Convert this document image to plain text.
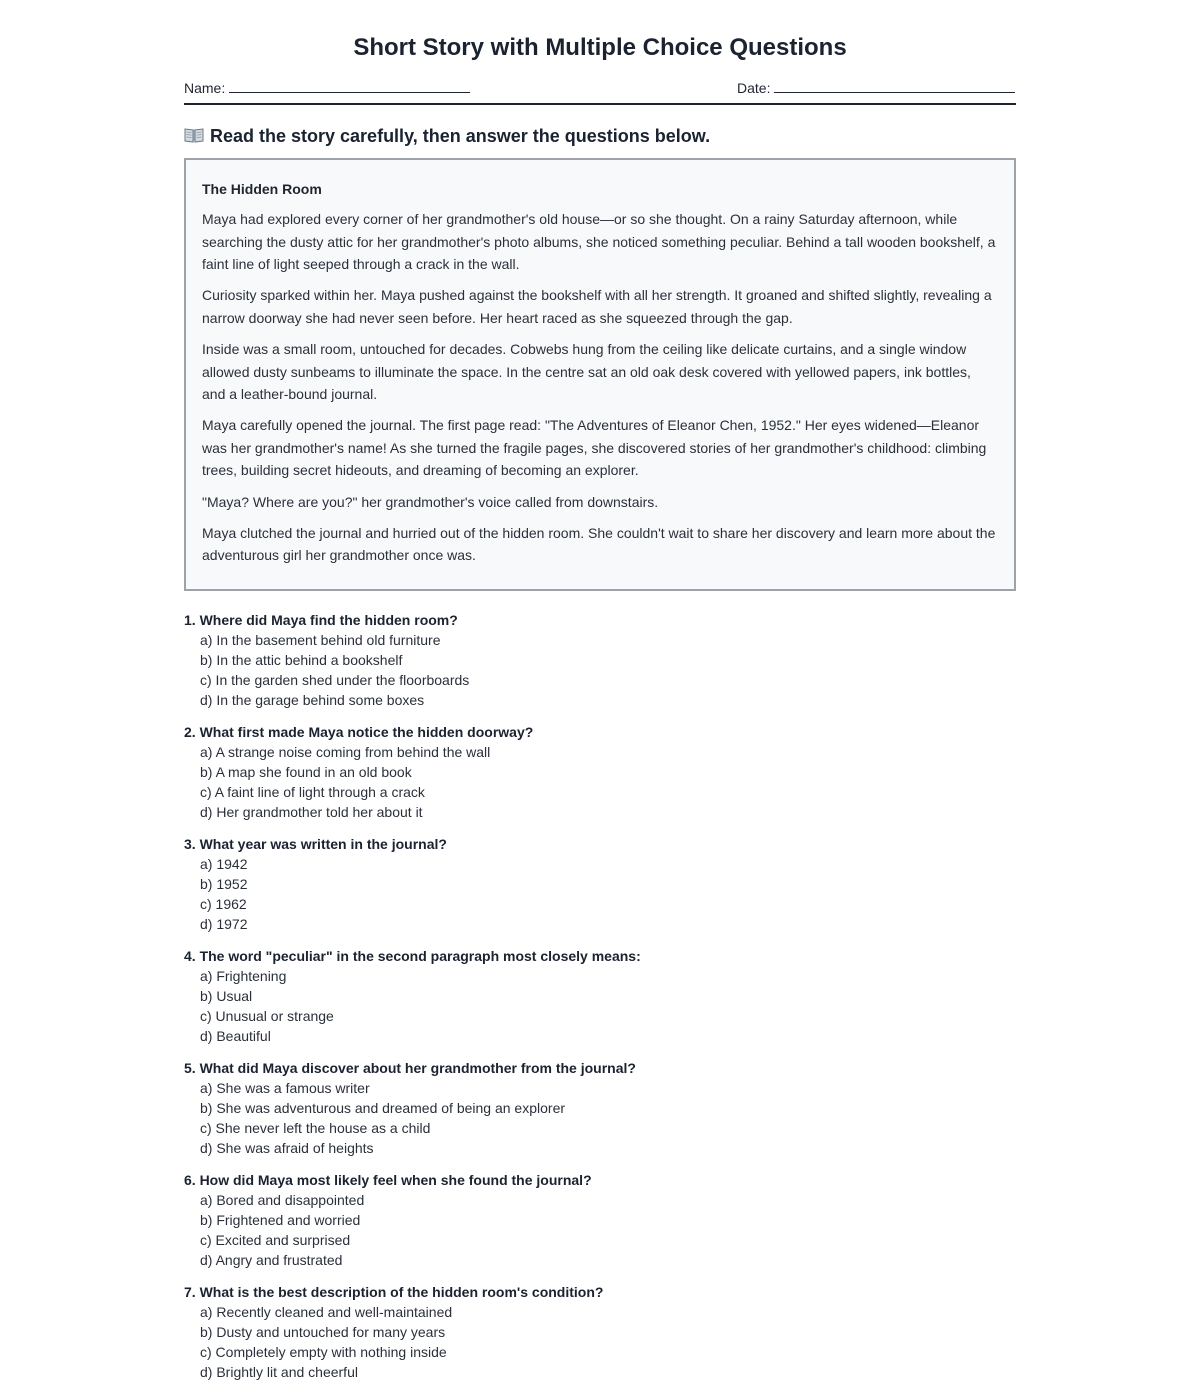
Short Story with Multiple Choice Questions
Name:	Date:
Read the story carefully, then answer the questions below.
The Hidden Room

Maya had explored every corner of her grandmother's old house—or so she thought. On a rainy Saturday afternoon, while searching the dusty attic for her grandmother's photo albums, she noticed something peculiar. Behind a tall wooden bookshelf, a faint line of light seeped through a crack in the wall.

Curiosity sparked within her. Maya pushed against the bookshelf with all her strength. It groaned and shifted slightly, revealing a narrow doorway she had never seen before. Her heart raced as she squeezed through the gap.

Inside was a small room, untouched for decades. Cobwebs hung from the ceiling like delicate curtains, and a single window allowed dusty sunbeams to illuminate the space. In the centre sat an old oak desk covered with yellowed papers, ink bottles, and a leather-bound journal.

Maya carefully opened the journal. The first page read: "The Adventures of Eleanor Chen, 1952." Her eyes widened—Eleanor was her grandmother's name! As she turned the fragile pages, she discovered stories of her grandmother's childhood: climbing trees, building secret hideouts, and dreaming of becoming an explorer.

"Maya? Where are you?" her grandmother's voice called from downstairs.

Maya clutched the journal and hurried out of the hidden room. She couldn't wait to share her discovery and learn more about the adventurous girl her grandmother once was.

1. Where did Maya find the hidden room?
a) In the basement behind old furniture
b) In the attic behind a bookshelf
c) In the garden shed under the floorboards
d) In the garage behind some boxes
2. What first made Maya notice the hidden doorway?
a) A strange noise coming from behind the wall
b) A map she found in an old book
c) A faint line of light through a crack
d) Her grandmother told her about it
3. What year was written in the journal?
a) 1942
b) 1952
c) 1962
d) 1972
4. The word "peculiar" in the second paragraph most closely means:
a) Frightening
b) Usual
c) Unusual or strange
d) Beautiful
5. What did Maya discover about her grandmother from the journal?
a) She was a famous writer
b) She was adventurous and dreamed of being an explorer
c) She never left the house as a child
d) She was afraid of heights
6. How did Maya most likely feel when she found the journal?
a) Bored and disappointed
b) Frightened and worried
c) Excited and surprised
d) Angry and frustrated
7. What is the best description of the hidden room's condition?
a) Recently cleaned and well-maintained
b) Dusty and untouched for many years
c) Completely empty with nothing inside
d) Brightly lit and cheerful
